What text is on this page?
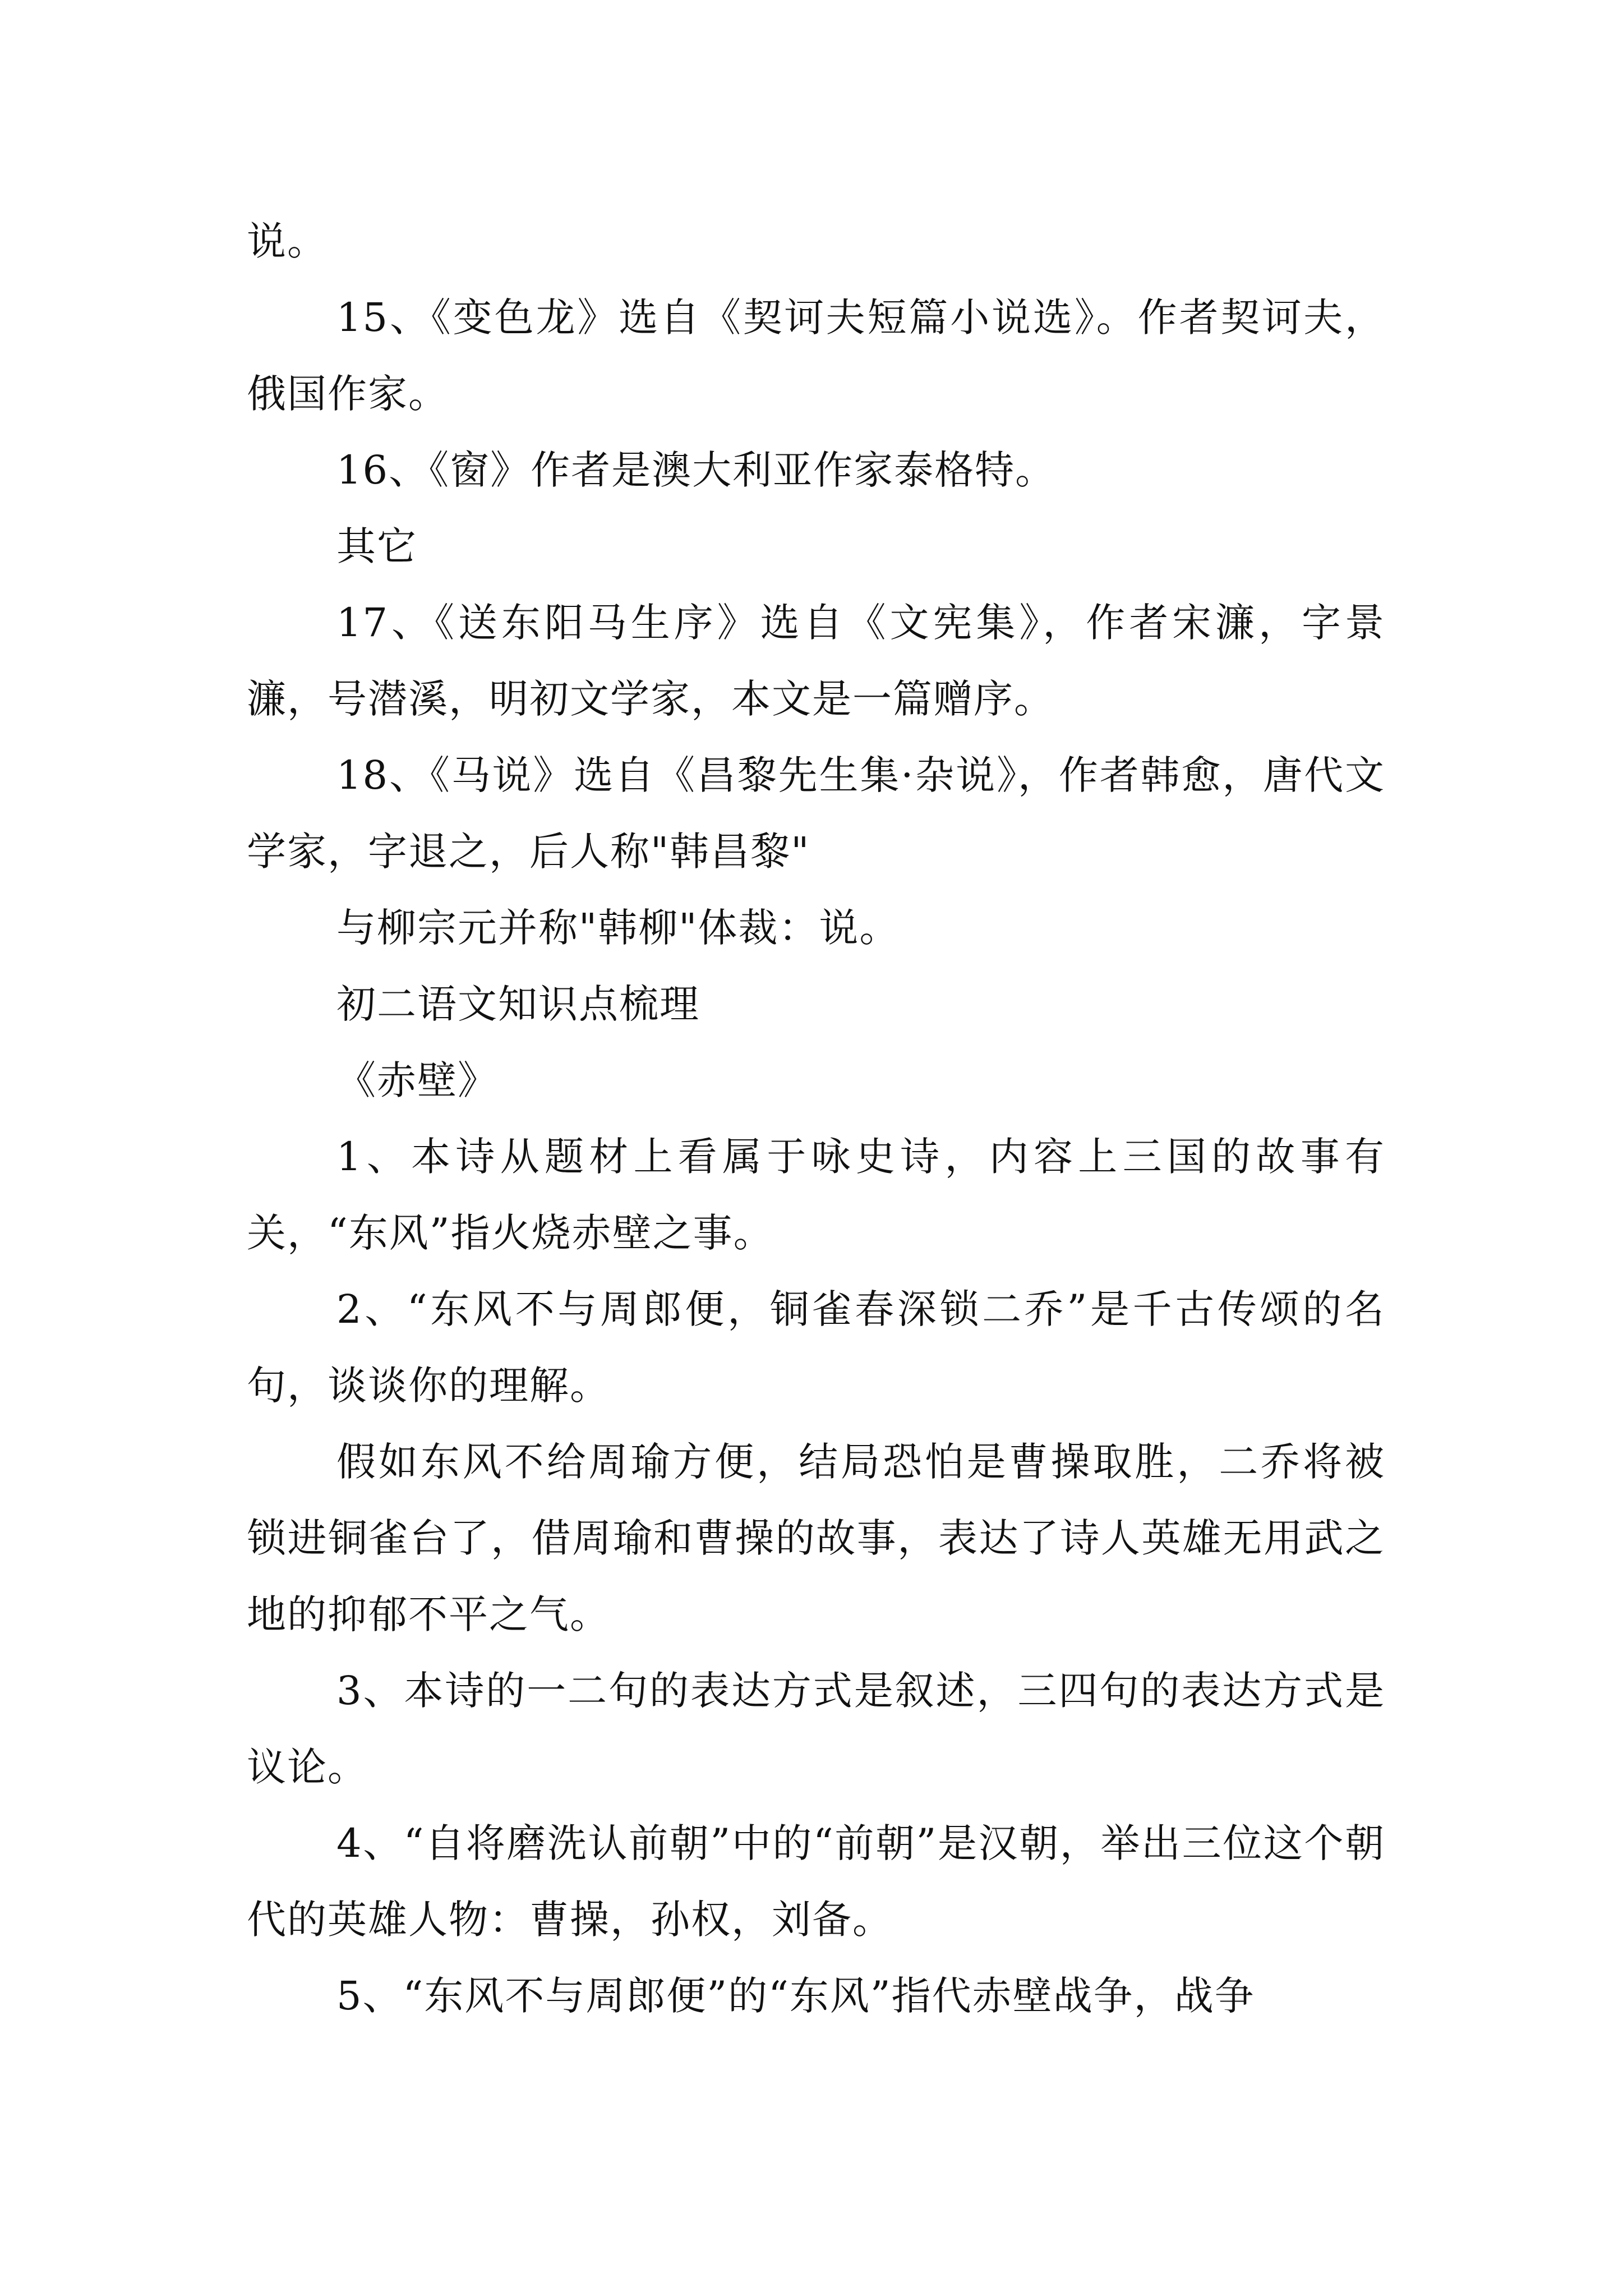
说。

15、《变色龙》选自《契诃夫短篇小说选》。作者契诃夫，俄国作家。

16、《窗》作者是澳大利亚作家泰格特。

其它

17、《送东阳马生序》选自《文宪集》，作者宋濂，字景濂，号潜溪，明初文学家，本文是一篇赠序。

18、《马说》选自《昌黎先生集·杂说》，作者韩愈，唐代文学家，字退之，后人称"韩昌黎"

与柳宗元并称"韩柳"体裁：说。

初二语文知识点梳理

《赤壁》

1、本诗从题材上看属于咏史诗，内容上三国的故事有关，“东风”指火烧赤壁之事。

2、“东风不与周郎便，铜雀春深锁二乔”是千古传颂的名句，谈谈你的理解。

假如东风不给周瑜方便，结局恐怕是曹操取胜，二乔将被锁进铜雀台了，借周瑜和曹操的故事，表达了诗人英雄无用武之地的抑郁不平之气。

3、本诗的一二句的表达方式是叙述，三四句的表达方式是议论。

4、“自将磨洗认前朝”中的“前朝”是汉朝，举出三位这个朝代的英雄人物：曹操，孙权，刘备。

5、“东风不与周郎便”的“东风”指代赤壁战争，战争
